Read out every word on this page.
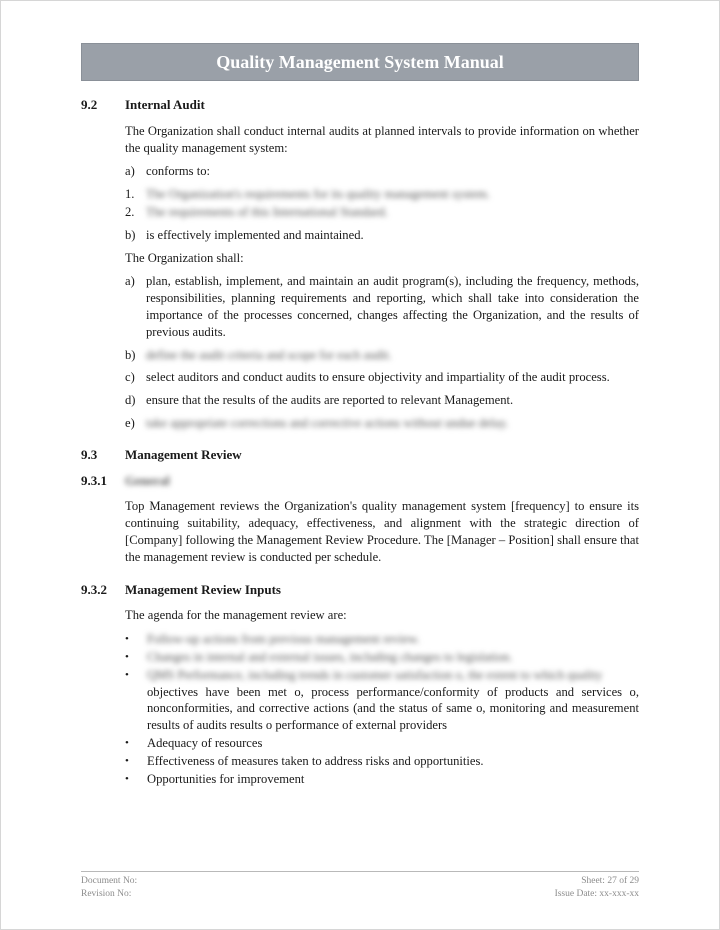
Quality Management System Manual
9.2	Internal Audit
The Organization shall conduct internal audits at planned intervals to provide information on whether the quality management system:
a) conforms to:
1. The Organization's requirements for its quality management system.
2. The requirements of this International Standard.
b) is effectively implemented and maintained.
The Organization shall:
a) plan, establish, implement, and maintain an audit program(s), including the frequency, methods, responsibilities, planning requirements and reporting, which shall take into consideration the importance of the processes concerned, changes affecting the Organization, and the results of previous audits.
b) define the audit criteria and scope for each audit.
c) select auditors and conduct audits to ensure objectivity and impartiality of the audit process.
d) ensure that the results of the audits are reported to relevant Management.
e) take appropriate corrections and corrective actions without undue delay.
9.3	Management Review
9.3.1	General
Top Management reviews the Organization's quality management system [frequency] to ensure its continuing suitability, adequacy, effectiveness, and alignment with the strategic direction of [Company] following the Management Review Procedure. The [Manager – Position] shall ensure that the management review is conducted per schedule.
9.3.2	Management Review Inputs
The agenda for the management review are:
•	Follow-up actions from previous management review.
•	Changes in internal and external issues, including changes to legislation.
•	QMS Performance, including trends in customer satisfaction o, the extent to which quality
objectives have been met o, process performance/conformity of products and services o, nonconformities, and corrective actions (and the status of same o, monitoring and measurement results of audits results o performance of external providers
•	Adequacy of resources
•	Effectiveness of measures taken to address risks and opportunities.
•	Opportunities for improvement
Document No:
Revision No:
Sheet: 27 of 29
Issue Date: xx-xxx-xx
